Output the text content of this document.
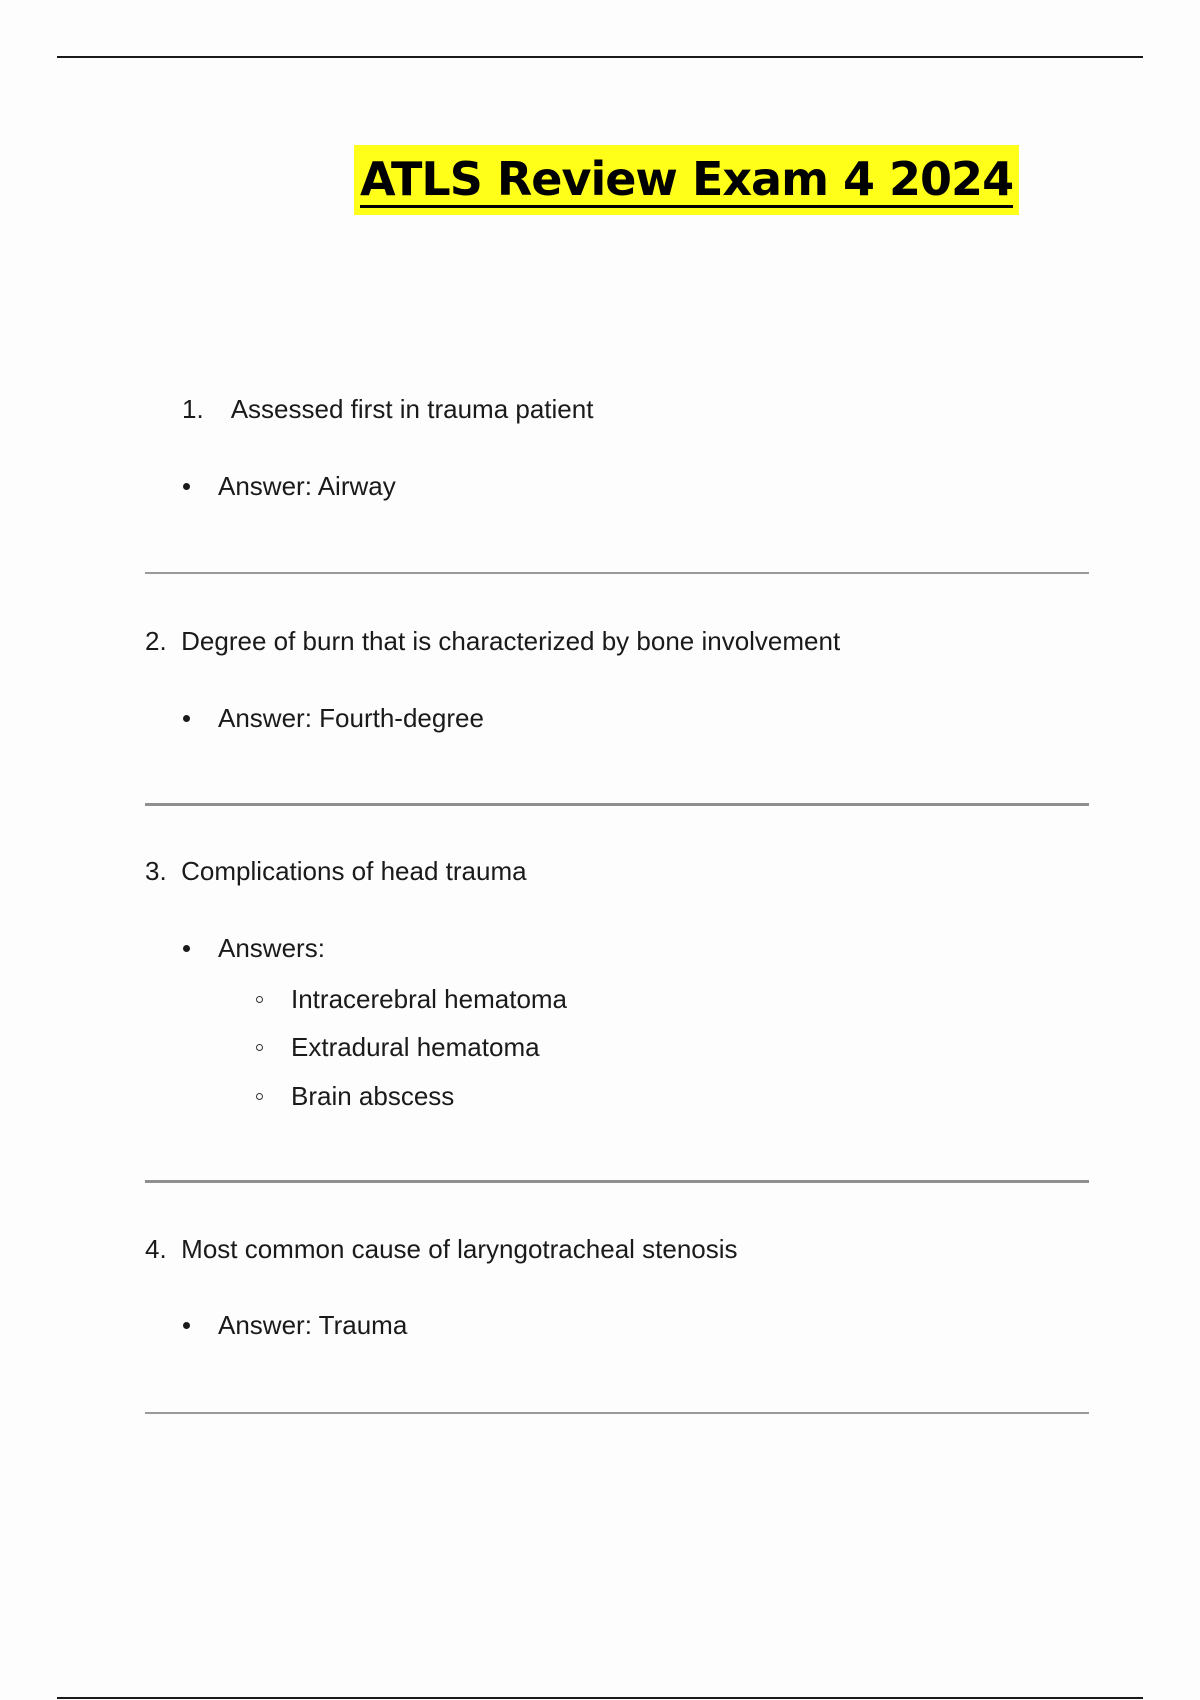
ATLS Review Exam 4 2024
1. Assessed first in trauma patient
Answer: Airway
2.  Degree of burn that is characterized by bone involvement
Answer: Fourth-degree
3.  Complications of head trauma
Answers:
Intracerebral hematoma
Extradural hematoma
Brain abscess
4.  Most common cause of laryngotracheal stenosis
Answer: Trauma
